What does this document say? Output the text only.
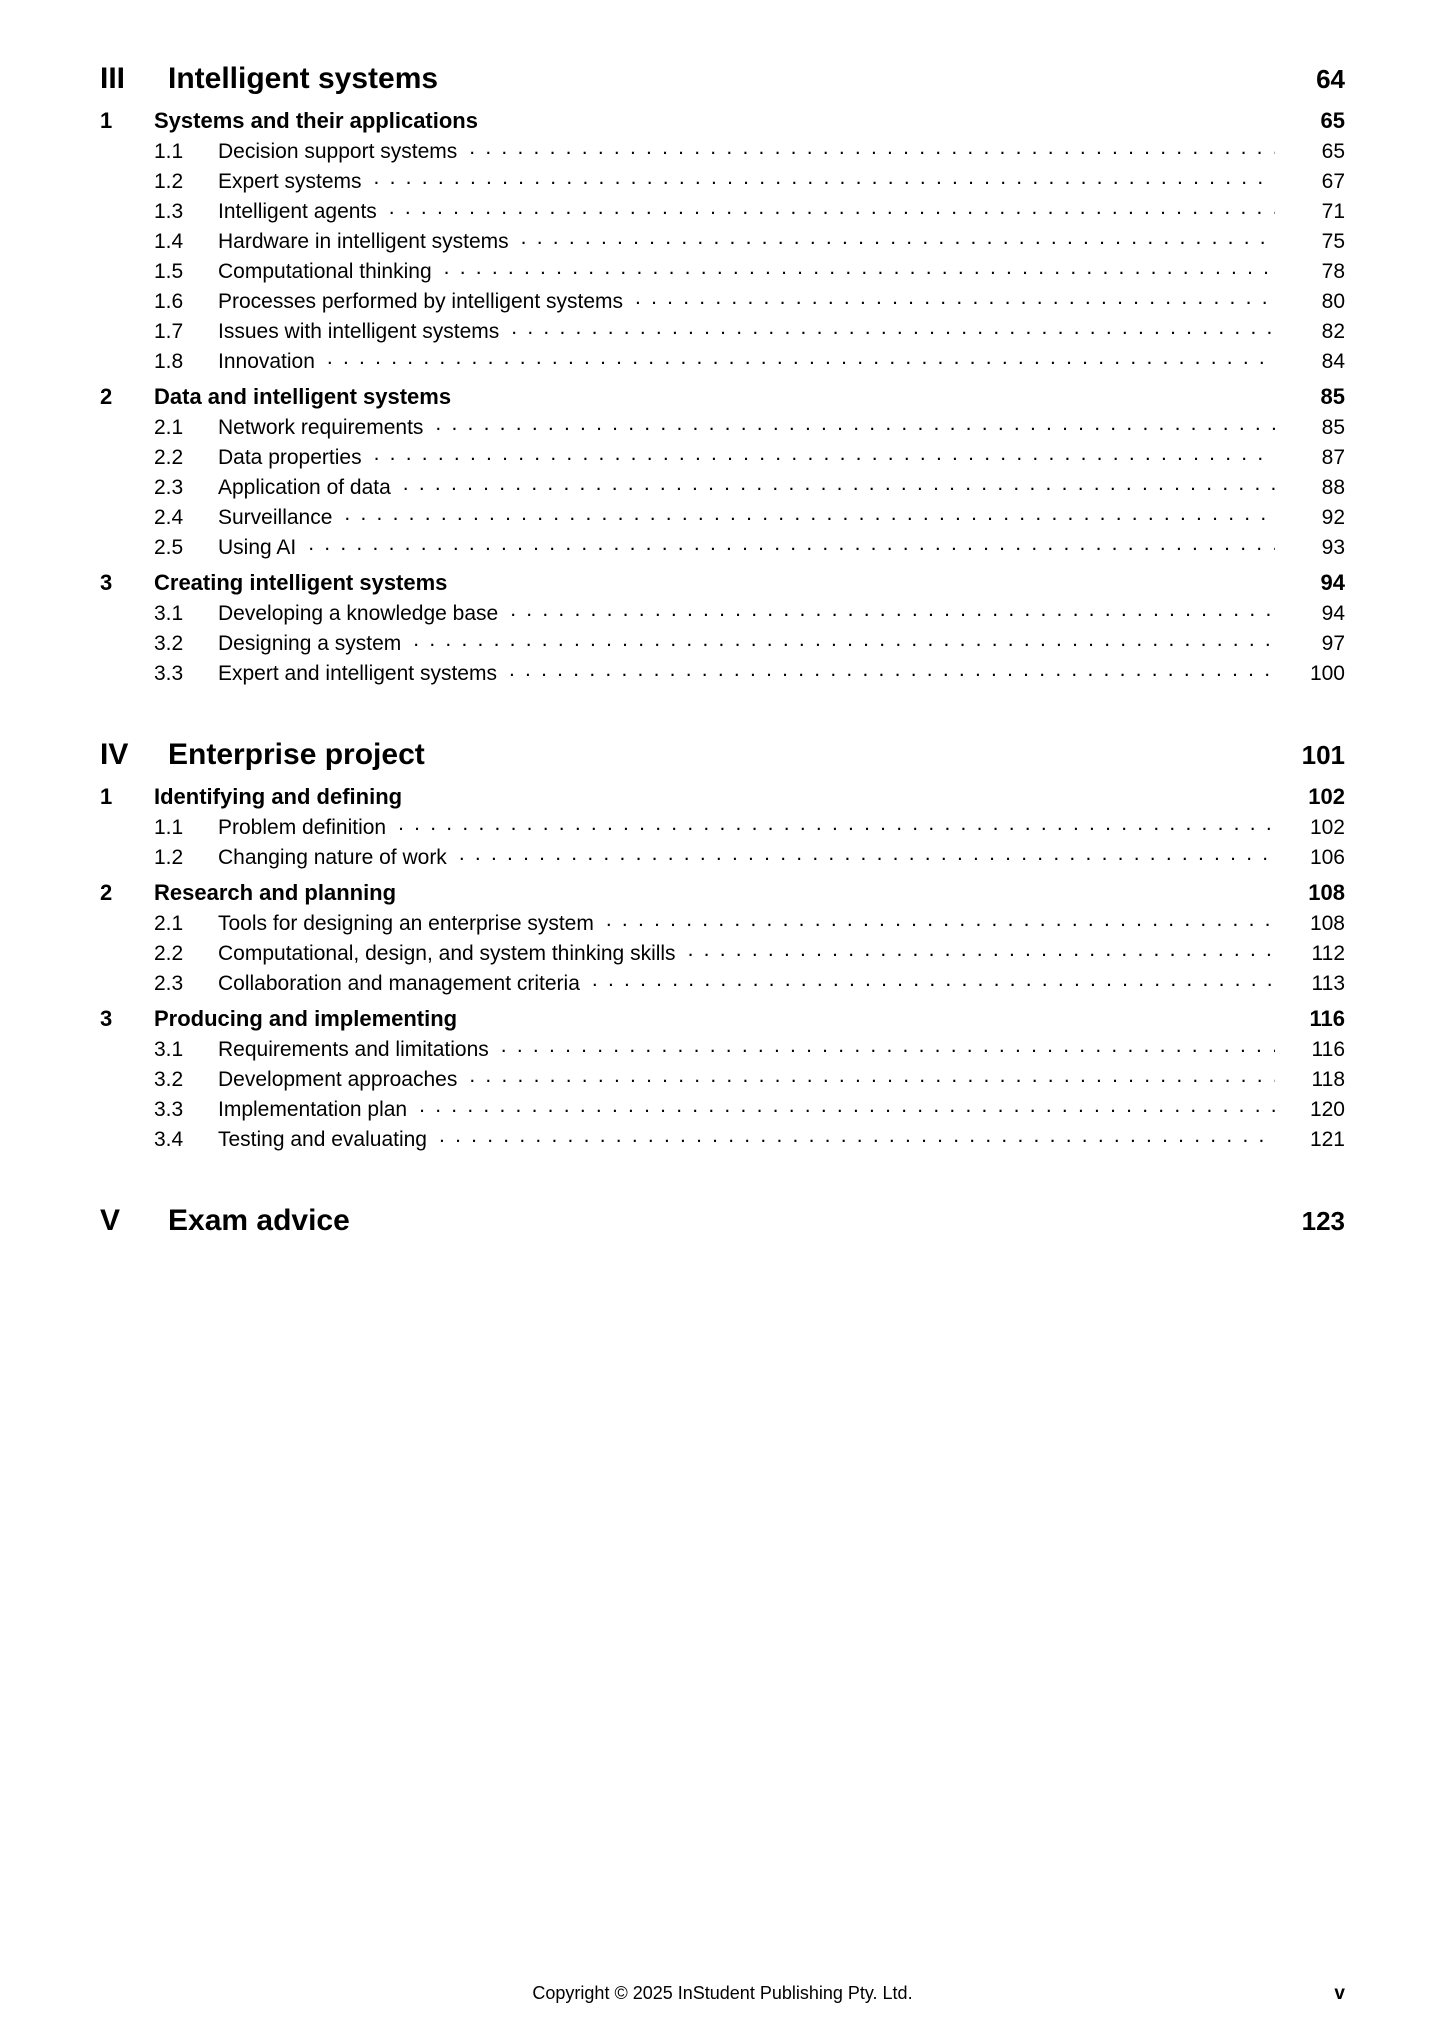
III	Intelligent systems	64
1	Systems and their applications	65
1.1	Decision support systems . . .	65
1.2	Expert systems . . .	67
1.3	Intelligent agents . . .	71
1.4	Hardware in intelligent systems . . .	75
1.5	Computational thinking . . .	78
1.6	Processes performed by intelligent systems . . .	80
1.7	Issues with intelligent systems . . .	82
1.8	Innovation . . .	84
2	Data and intelligent systems	85
2.1	Network requirements . . .	85
2.2	Data properties . . .	87
2.3	Application of data . . .	88
2.4	Surveillance . . .	92
2.5	Using AI . . .	93
3	Creating intelligent systems	94
3.1	Developing a knowledge base . . .	94
3.2	Designing a system . . .	97
3.3	Expert and intelligent systems . . .	100
IV	Enterprise project	101
1	Identifying and defining	102
1.1	Problem definition . . .	102
1.2	Changing nature of work . . .	106
2	Research and planning	108
2.1	Tools for designing an enterprise system . . .	108
2.2	Computational, design, and system thinking skills . . .	112
2.3	Collaboration and management criteria . . .	113
3	Producing and implementing	116
3.1	Requirements and limitations . . .	116
3.2	Development approaches . . .	118
3.3	Implementation plan . . .	120
3.4	Testing and evaluating . . .	121
V	Exam advice	123
Copyright © 2025 InStudent Publishing Pty. Ltd.	v
